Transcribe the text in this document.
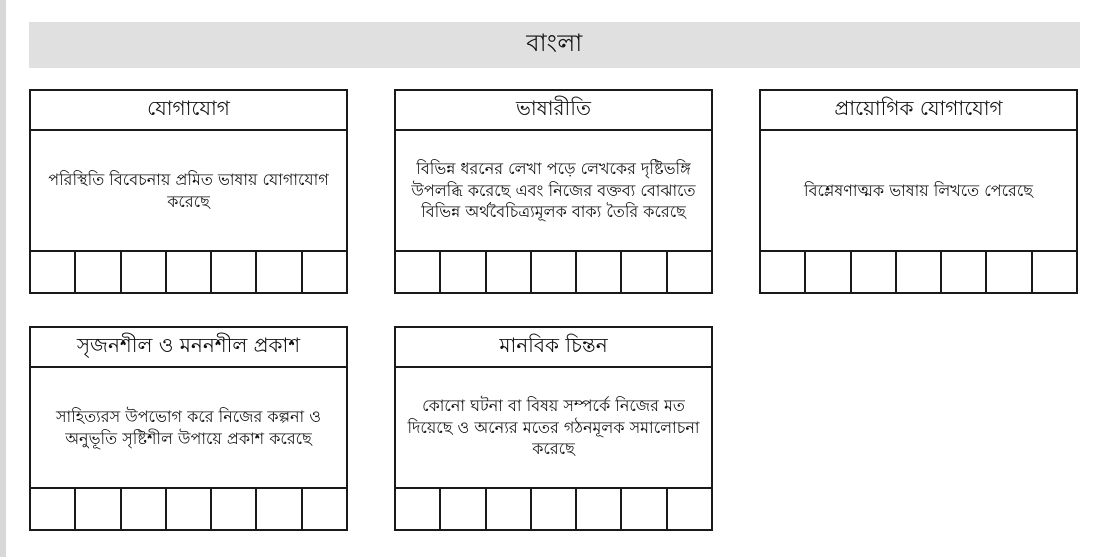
বাংলা
যোগাযোগ
পরিস্থিতি বিবেচনায় প্রমিত ভাষায় যোগাযোগ করেছে
ভাষারীতি
বিভিন্ন ধরনের লেখা পড়ে লেখকের দৃষ্টিভঙ্গি উপলব্ধি করেছে এবং নিজের বক্তব্য বোঝাতে বিভিন্ন অর্থবৈচিত্র্যমূলক বাক্য তৈরি করেছে
প্রায়োগিক যোগাযোগ
বিশ্লেষণাত্মক ভাষায় লিখতে পেরেছে
সৃজনশীল ও মননশীল প্রকাশ
সাহিত্যরস উপভোগ করে নিজের কল্পনা ও অনুভূতি সৃষ্টিশীল উপায়ে প্রকাশ করেছে
মানবিক চিন্তন
কোনো ঘটনা বা বিষয় সম্পর্কে নিজের মত দিয়েছে ও অন্যের মতের গঠনমূলক সমালোচনা করেছে
